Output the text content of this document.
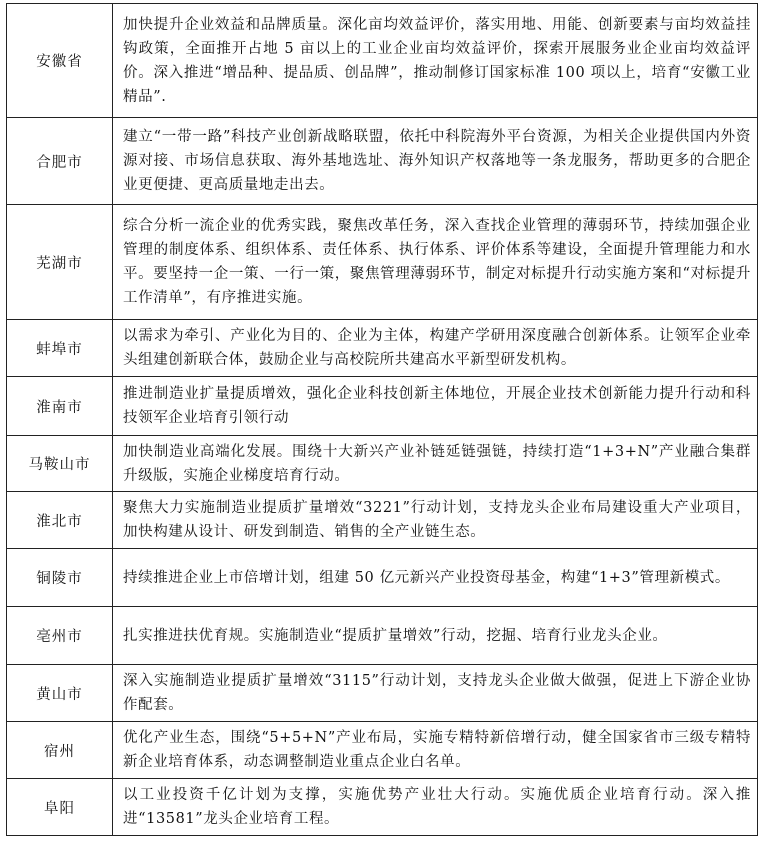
安徽省	加快提升企业效益和品牌质量。深化亩均效益评价，落实用地、用能、创新要素与亩均效益挂钩政策，全面推开占地 5 亩以上的工业企业亩均效益评价，探索开展服务业企业亩均效益评价。深入推进“增品种、提品质、创品牌”，推动制修订国家标准 100 项以上，培育“安徽工业精品”.
合肥市	建立“一带一路”科技产业创新战略联盟，依托中科院海外平台资源，为相关企业提供国内外资源对接、市场信息获取、海外基地选址、海外知识产权落地等一条龙服务，帮助更多的合肥企业更便捷、更高质量地走出去。
芜湖市	综合分析一流企业的优秀实践，聚焦改革任务，深入查找企业管理的薄弱环节，持续加强企业管理的制度体系、组织体系、责任体系、执行体系、评价体系等建设，全面提升管理能力和水平。要坚持一企一策、一行一策，聚焦管理薄弱环节，制定对标提升行动实施方案和“对标提升工作清单”，有序推进实施。
蚌埠市	以需求为牵引、产业化为目的、企业为主体，构建产学研用深度融合创新体系。让领军企业牵头组建创新联合体，鼓励企业与高校院所共建高水平新型研发机构。
淮南市	推进制造业扩量提质增效，强化企业科技创新主体地位，开展企业技术创新能力提升行动和科技领军企业培育引领行动
马鞍山市	加快制造业高端化发展。围绕十大新兴产业补链延链强链，持续打造“1+3+N”产业融合集群升级版，实施企业梯度培育行动。
淮北市	聚焦大力实施制造业提质扩量增效“3221”行动计划，支持龙头企业布局建设重大产业项目，加快构建从设计、研发到制造、销售的全产业链生态。
铜陵市	持续推进企业上市倍增计划，组建 50 亿元新兴产业投资母基金，构建“1+3”管理新模式。
亳州市	扎实推进扶优育规。实施制造业“提质扩量增效”行动，挖掘、培育行业龙头企业。
黄山市	深入实施制造业提质扩量增效“3115”行动计划，支持龙头企业做大做强，促进上下游企业协作配套。
宿州	优化产业生态，围绕“5+5+N”产业布局，实施专精特新倍增行动，健全国家省市三级专精特新企业培育体系，动态调整制造业重点企业白名单。
阜阳	以工业投资千亿计划为支撑，实施优势产业壮大行动。实施优质企业培育行动。深入推进“13581”龙头企业培育工程。
